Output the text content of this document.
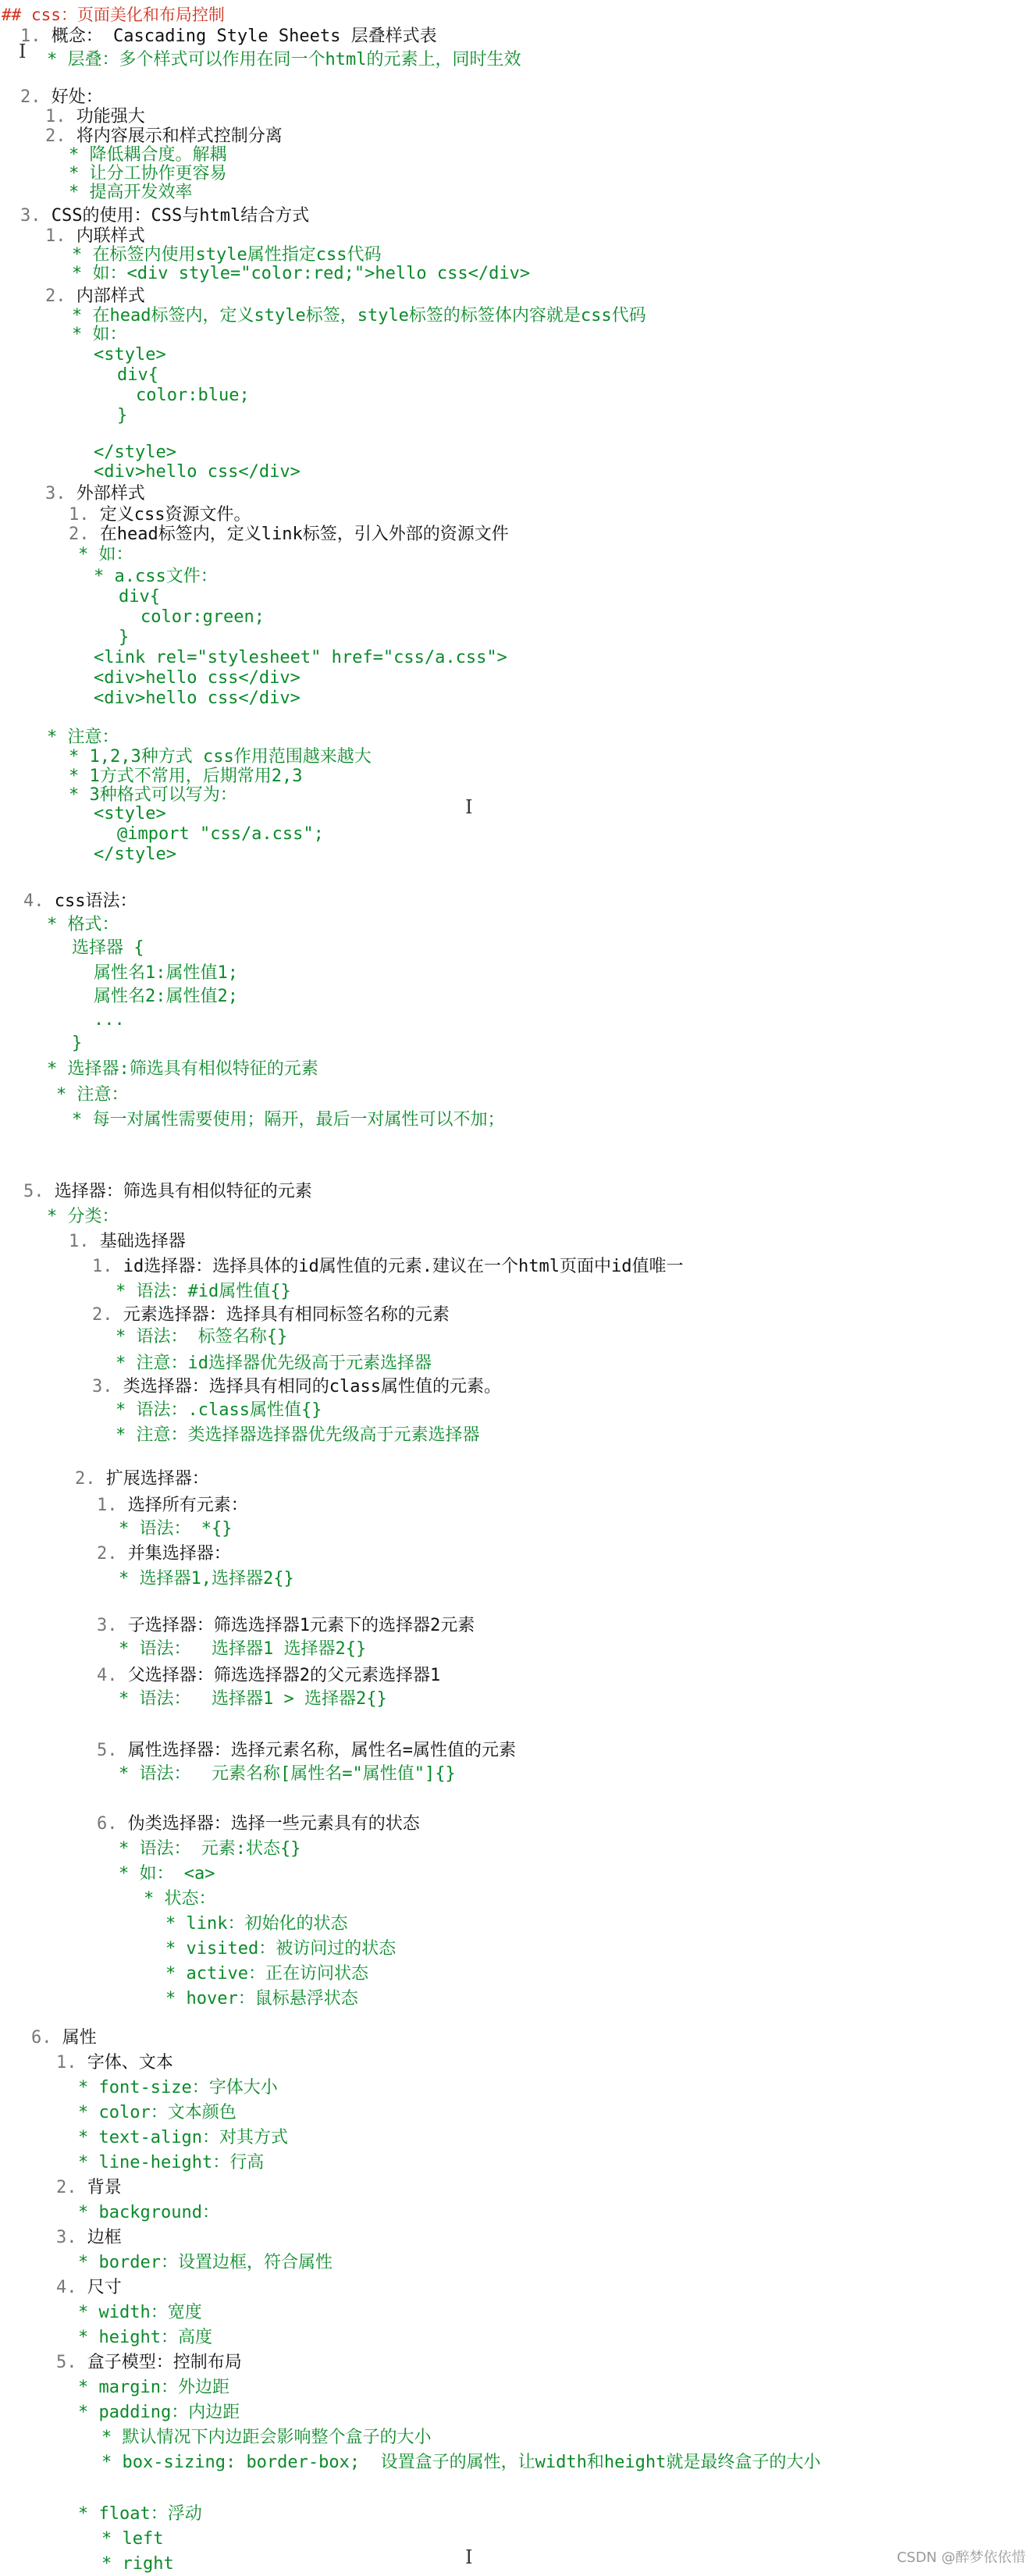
## css：页面美化和布局控制
1. 概念： Cascading Style Sheets 层叠样式表
* 层叠：多个样式可以作用在同一个html的元素上，同时生效
2. 好处：
1. 功能强大
2. 将内容展示和样式控制分离
* 降低耦合度。解耦
* 让分工协作更容易
* 提高开发效率
3. CSS的使用：CSS与html结合方式
1. 内联样式
* 在标签内使用style属性指定css代码
* 如：<div style="color:red;">hello css</div>
2. 内部样式
* 在head标签内，定义style标签，style标签的标签体内容就是css代码
* 如：
<style>
div{
color:blue;
}
</style>
<div>hello css</div>
3. 外部样式
1. 定义css资源文件。
2. 在head标签内，定义link标签，引入外部的资源文件
* 如：
* a.css文件：
div{
color:green;
}
<link rel="stylesheet" href="css/a.css">
<div>hello css</div>
<div>hello css</div>
* 注意：
* 1,2,3种方式 css作用范围越来越大
* 1方式不常用，后期常用2,3
* 3种格式可以写为：
<style>
@import "css/a.css";
</style>
4. css语法：
* 格式：
选择器 {
属性名1:属性值1;
属性名2:属性值2;
...
}
* 选择器:筛选具有相似特征的元素
* 注意：
* 每一对属性需要使用；隔开，最后一对属性可以不加；
5. 选择器：筛选具有相似特征的元素
* 分类：
1. 基础选择器
1. id选择器：选择具体的id属性值的元素.建议在一个html页面中id值唯一
* 语法：#id属性值{}
2. 元素选择器：选择具有相同标签名称的元素
* 语法： 标签名称{}
* 注意：id选择器优先级高于元素选择器
3. 类选择器：选择具有相同的class属性值的元素。
* 语法：.class属性值{}
* 注意：类选择器选择器优先级高于元素选择器
2. 扩展选择器：
1. 选择所有元素：
* 语法： *{}
2. 并集选择器：
* 选择器1,选择器2{}
3. 子选择器：筛选选择器1元素下的选择器2元素
* 语法：  选择器1 选择器2{}
4. 父选择器：筛选选择器2的父元素选择器1
* 语法：  选择器1 > 选择器2{}
5. 属性选择器：选择元素名称，属性名=属性值的元素
* 语法：  元素名称[属性名="属性值"]{}
6. 伪类选择器：选择一些元素具有的状态
* 语法： 元素:状态{}
* 如： <a>
* 状态：
* link：初始化的状态
* visited：被访问过的状态
* active：正在访问状态
* hover：鼠标悬浮状态
6. 属性
1. 字体、文本
* font-size：字体大小
* color：文本颜色
* text-align：对其方式
* line-height：行高
2. 背景
* background：
3. 边框
* border：设置边框，符合属性
4. 尺寸
* width：宽度
* height：高度
5. 盒子模型：控制布局
* margin：外边距
* padding：内边距
* 默认情况下内边距会影响整个盒子的大小
* box-sizing: border-box;  设置盒子的属性，让width和height就是最终盒子的大小
* float：浮动
* left
* right
I
I
I	CSDN @醉梦依依惜
